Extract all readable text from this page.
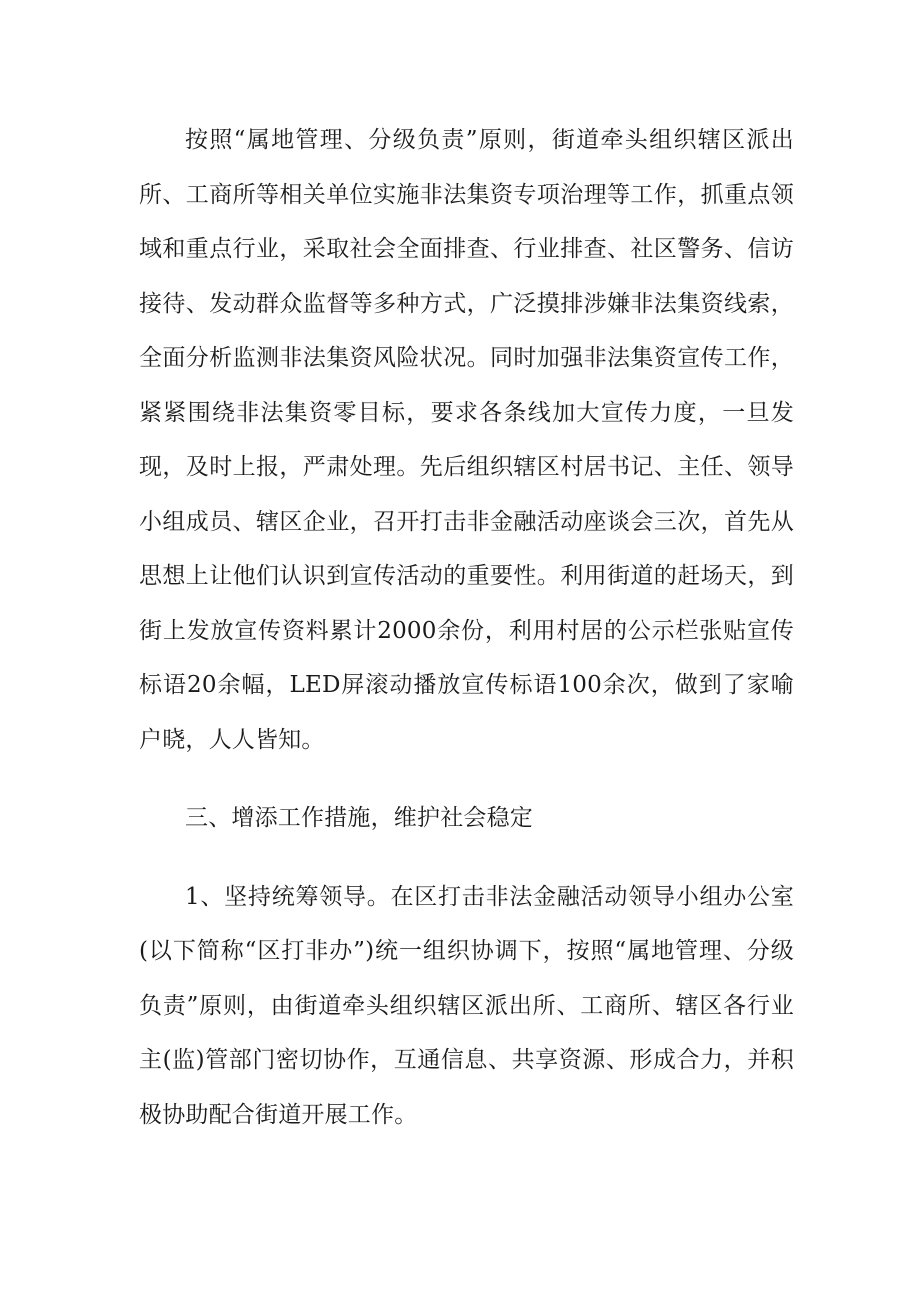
按照“属地管理、分级负责”原则，街道牵头组织辖区派出所、工商所等相关单位实施非法集资专项治理等工作，抓重点领域和重点行业，采取社会全面排查、行业排查、社区警务、信访接待、发动群众监督等多种方式，广泛摸排涉嫌非法集资线索，全面分析监测非法集资风险状况。同时加强非法集资宣传工作，紧紧围绕非法集资零目标，要求各条线加大宣传力度，一旦发现，及时上报，严肃处理。先后组织辖区村居书记、主任、领导小组成员、辖区企业，召开打击非金融活动座谈会三次，首先从思想上让他们认识到宣传活动的重要性。利用街道的赶场天，到街上发放宣传资料累计2000余份，利用村居的公示栏张贴宣传标语20余幅，LED屏滚动播放宣传标语100余次，做到了家喻户晓，人人皆知。

三、增添工作措施，维护社会稳定

1、坚持统筹领导。在区打击非法金融活动领导小组办公室(以下简称“区打非办”)统一组织协调下，按照“属地管理、分级负责”原则，由街道牵头组织辖区派出所、工商所、辖区各行业主(监)管部门密切协作，互通信息、共享资源、形成合力，并积极协助配合街道开展工作。
